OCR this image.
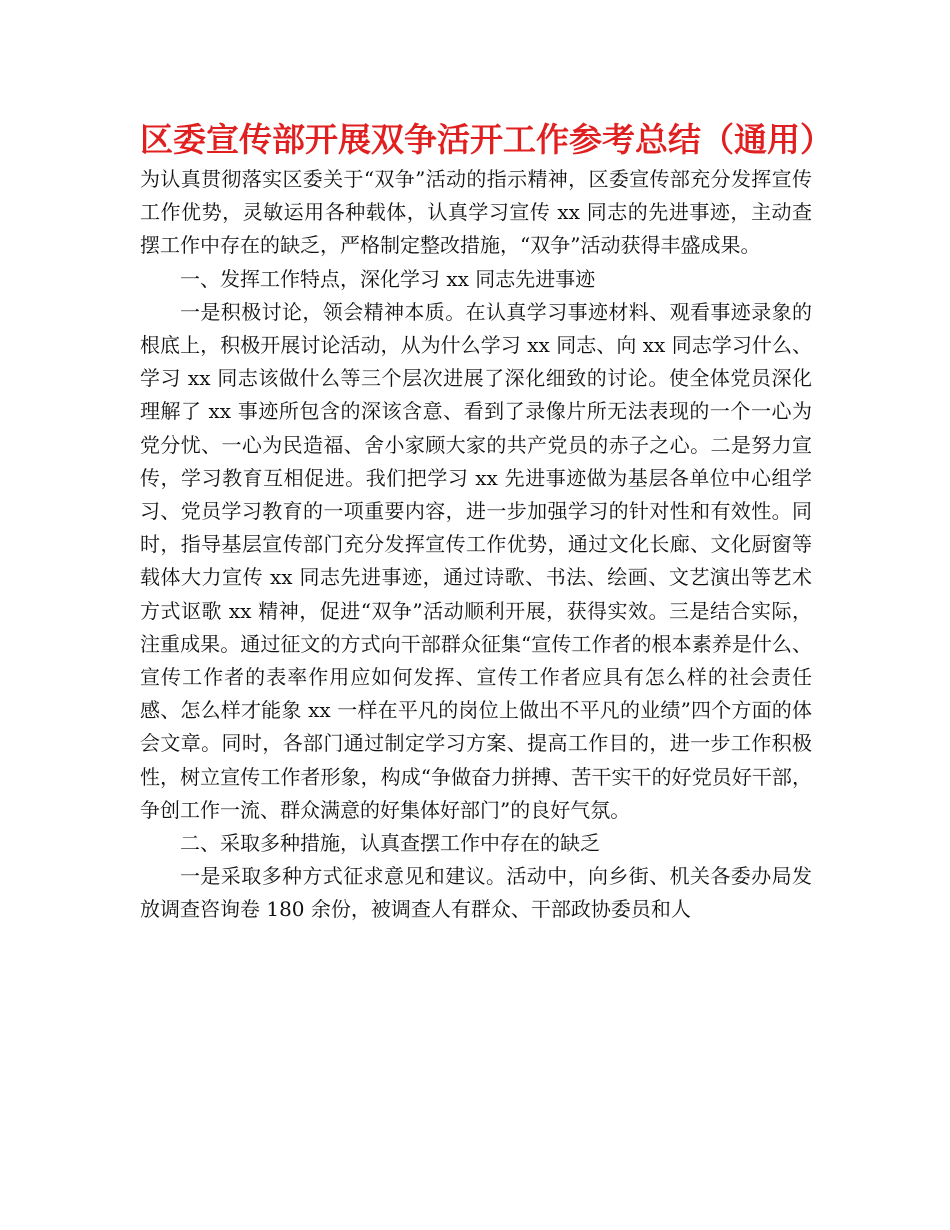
区委宣传部开展双争活开工作参考总结（通用）

为认真贯彻落实区委关于“双争”活动的指示精神，区委宣传部充分发挥宣传工作优势，灵敏运用各种载体，认真学习宣传 xx 同志的先进事迹，主动查摆工作中存在的缺乏，严格制定整改措施，“双争”活动获得丰盛成果。

一、发挥工作特点，深化学习 xx 同志先进事迹

一是积极讨论，领会精神本质。在认真学习事迹材料、观看事迹录象的根底上，积极开展讨论活动，从为什么学习 xx 同志、向 xx 同志学习什么、学习 xx 同志该做什么等三个层次进展了深化细致的讨论。使全体党员深化理解了 xx 事迹所包含的深该含意、看到了录像片所无法表现的一个一心为党分忧、一心为民造福、舍小家顾大家的共产党员的赤子之心。二是努力宣传，学习教育互相促进。我们把学习 xx 先进事迹做为基层各单位中心组学习、党员学习教育的一项重要内容，进一步加强学习的针对性和有效性。同时，指导基层宣传部门充分发挥宣传工作优势，通过文化长廊、文化厨窗等载体大力宣传 xx 同志先进事迹，通过诗歌、书法、绘画、文艺演出等艺术方式讴歌 xx 精神，促进“双争”活动顺利开展，获得实效。三是结合实际，注重成果。通过征文的方式向干部群众征集“宣传工作者的根本素养是什么、宣传工作者的表率作用应如何发挥、宣传工作者应具有怎么样的社会责任感、怎么样才能象 xx 一样在平凡的岗位上做出不平凡的业绩”四个方面的体会文章。同时，各部门通过制定学习方案、提高工作目的，进一步工作积极性，树立宣传工作者形象，构成“争做奋力拼搏、苦干实干的好党员好干部，争创工作一流、群众满意的好集体好部门”的良好气氛。

二、采取多种措施，认真查摆工作中存在的缺乏

一是采取多种方式征求意见和建议。活动中，向乡街、机关各委办局发放调查咨询卷 180 余份，被调查人有群众、干部政协委员和人
